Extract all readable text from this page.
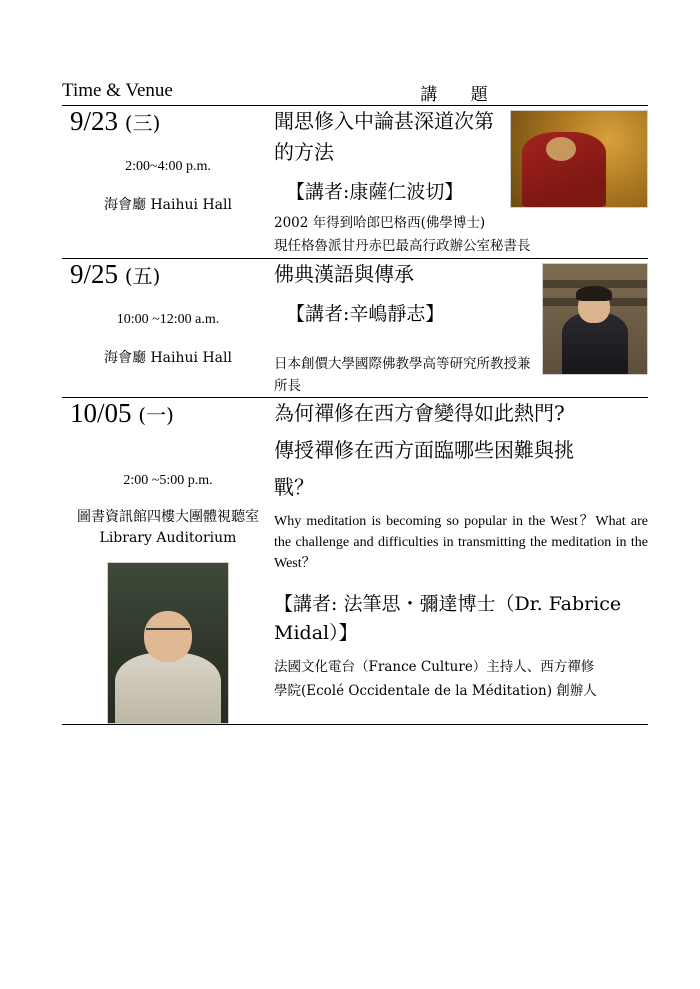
Time & Venue	講 題

9/23 (三)
2:00~4:00 p.m.
海會廳 Haihui Hall

聞思修入中論甚深道次第的方法
【講者:康薩仁波切】
2002 年得到哈郎巴格西(佛學博士)
現任格魯派甘丹赤巴最高行政辦公室秘書長

9/25 (五)
10:00 ~12:00 a.m.
海會廳 Haihui Hall

佛典漢語與傳承
【講者:辛嶋靜志】
日本創價大學國際佛教學高等研究所教授兼所長

10/05 (一)
2:00 ~5:00 p.m.
圖書資訊館四樓大團體視聽室
Library Auditorium

為何禪修在西方會變得如此熱門?
傳授禪修在西方面臨哪些困難與挑
戰？
Why meditation is becoming so popular in the West？What are the challenge and difficulties in transmitting the meditation in the West？
【講者: 法筆思・彌達博士（Dr. Fabrice Midal）】
法國文化電台（France Culture）主持人、西方禪修
學院(Ecolé Occidentale de la Méditation) 創辦人
